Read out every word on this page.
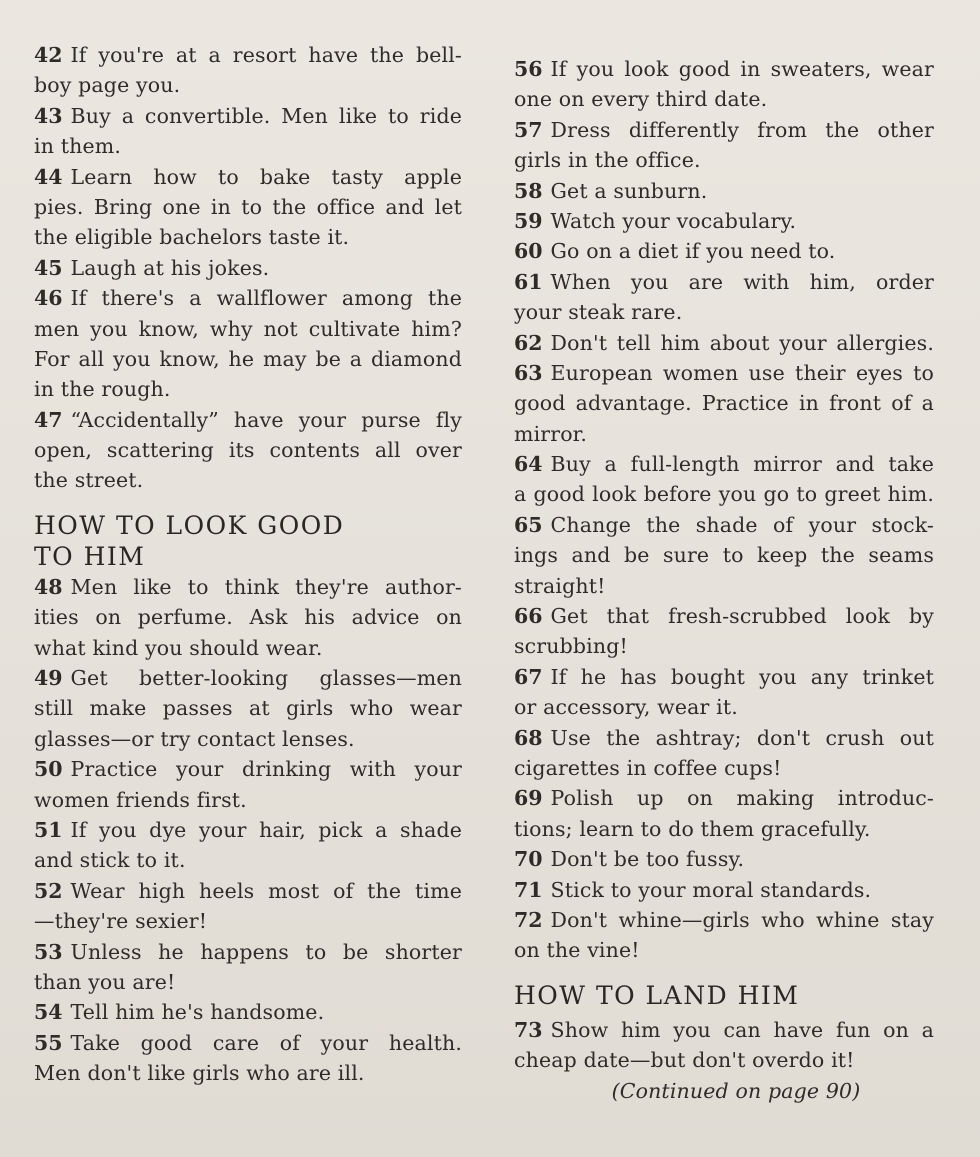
42 If you're at a resort have the bell-
boy page you.
43 Buy a convertible. Men like to ride
in them.
44 Learn how to bake tasty apple
pies. Bring one in to the office and let
the eligible bachelors taste it.
45 Laugh at his jokes.
46 If there's a wallflower among the
men you know, why not cultivate him?
For all you know, he may be a diamond
in the rough.
47 “Accidentally” have your purse fly
open, scattering its contents all over
the street.
HOW TO LOOK GOOD
TO HIM
48 Men like to think they're author-
ities on perfume. Ask his advice on
what kind you should wear.
49 Get better-looking glasses—men
still make passes at girls who wear
glasses—or try contact lenses.
50 Practice your drinking with your
women friends first.
51 If you dye your hair, pick a shade
and stick to it.
52 Wear high heels most of the time
—they're sexier!
53 Unless he happens to be shorter
than you are!
54 Tell him he's handsome.
55 Take good care of your health.
Men don't like girls who are ill.
56 If you look good in sweaters, wear
one on every third date.
57 Dress differently from the other
girls in the office.
58 Get a sunburn.
59 Watch your vocabulary.
60 Go on a diet if you need to.
61 When you are with him, order
your steak rare.
62 Don't tell him about your allergies.
63 European women use their eyes to
good advantage. Practice in front of a
mirror.
64 Buy a full-length mirror and take
a good look before you go to greet him.
65 Change the shade of your stock-
ings and be sure to keep the seams
straight!
66 Get that fresh-scrubbed look by
scrubbing!
67 If he has bought you any trinket
or accessory, wear it.
68 Use the ashtray; don't crush out
cigarettes in coffee cups!
69 Polish up on making introduc-
tions; learn to do them gracefully.
70 Don't be too fussy.
71 Stick to your moral standards.
72 Don't whine—girls who whine stay
on the vine!
HOW TO LAND HIM
73 Show him you can have fun on a
cheap date—but don't overdo it!
(Continued on page 90)
